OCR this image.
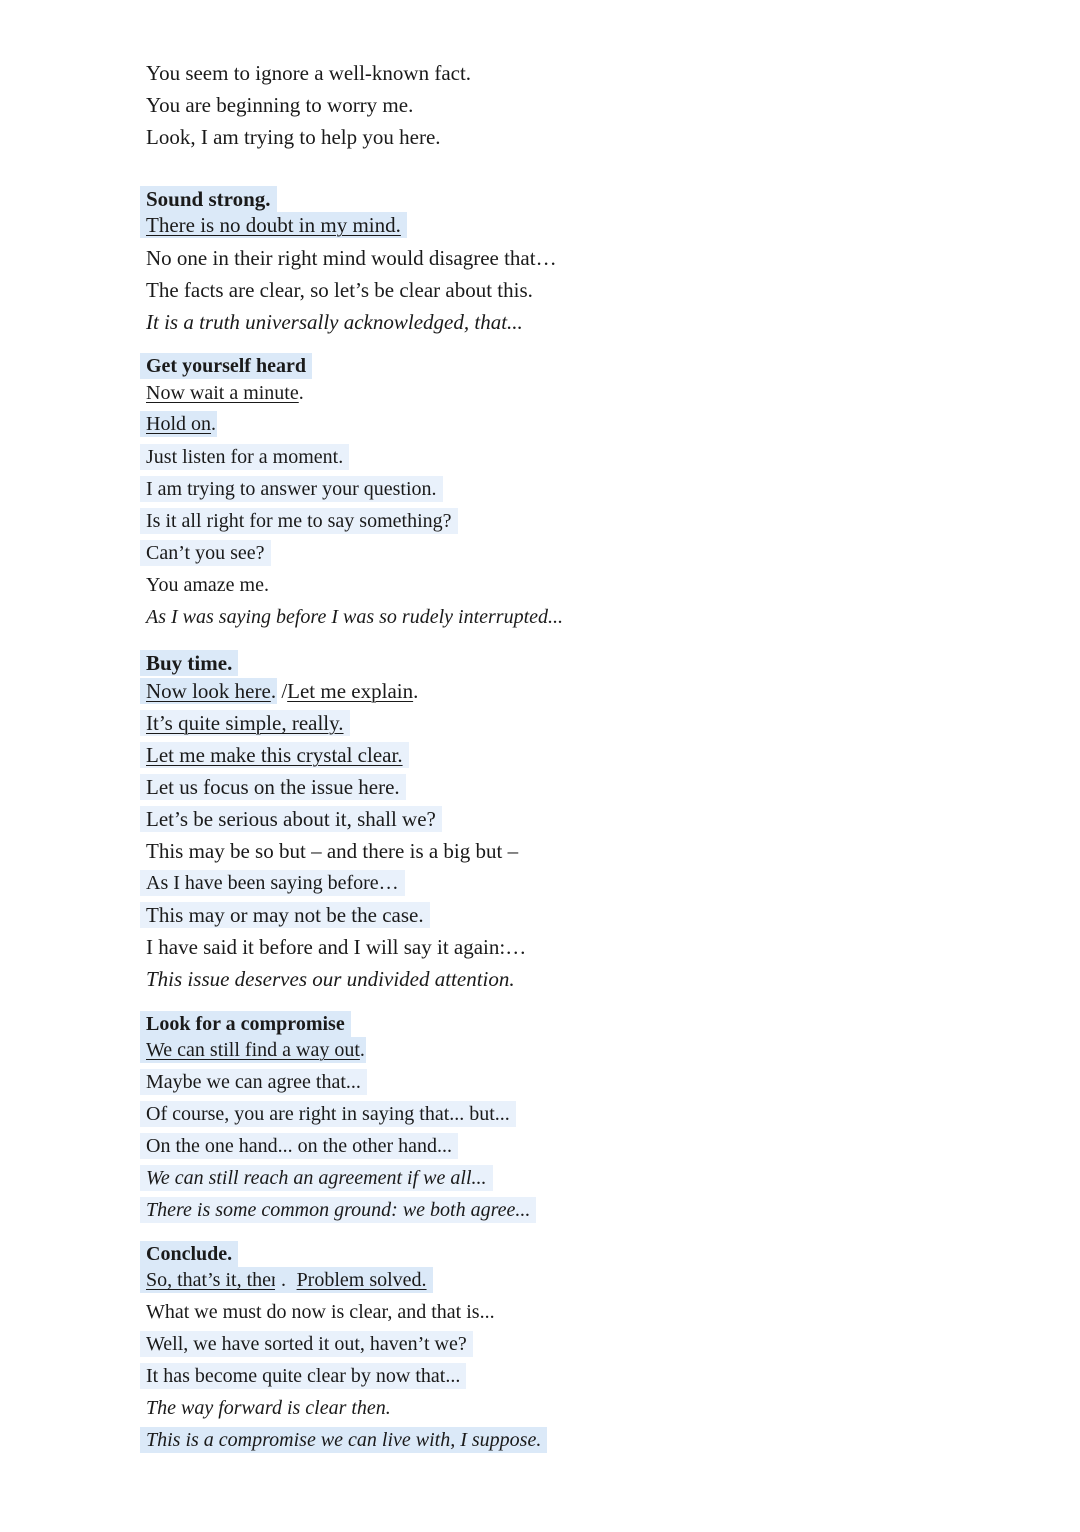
You seem to ignore a well-known fact.
You are beginning to worry me.
Look, I am trying to help you here.
Sound strong.
There is no doubt in my mind.
No one in their right mind would disagree that…
The facts are clear, so let’s be clear about this.
It is a truth universally acknowledged, that...
Get yourself heard
Now wait a minute.
Hold on.
Just listen for a moment.
I am trying to answer your question.
Is it all right for me to say something?
Can’t you see?
You amaze me.
As I was saying before I was so rudely interrupted...
Buy time.
Now look here. /Let me explain.
It’s quite simple, really.
Let me make this crystal clear.
Let us focus on the issue here.
Let’s be serious about it, shall we?
This may be so but – and there is a big but –
As I have been saying before…
This may or may not be the case.
I have said it before and I will say it again:…
This issue deserves our undivided attention.
Look for a compromise
We can still find a way out.
Maybe we can agree that...
Of course, you are right in saying that... but...
On the one hand... on the other hand...
We can still reach an agreement if we all...
There is some common ground: we both agree...
Conclude.
So, that’s it, then. /Problem solved.
What we must do now is clear, and that is...
Well, we have sorted it out, haven’t we?
It has become quite clear by now that...
The way forward is clear then.
This is a compromise we can live with, I suppose.
